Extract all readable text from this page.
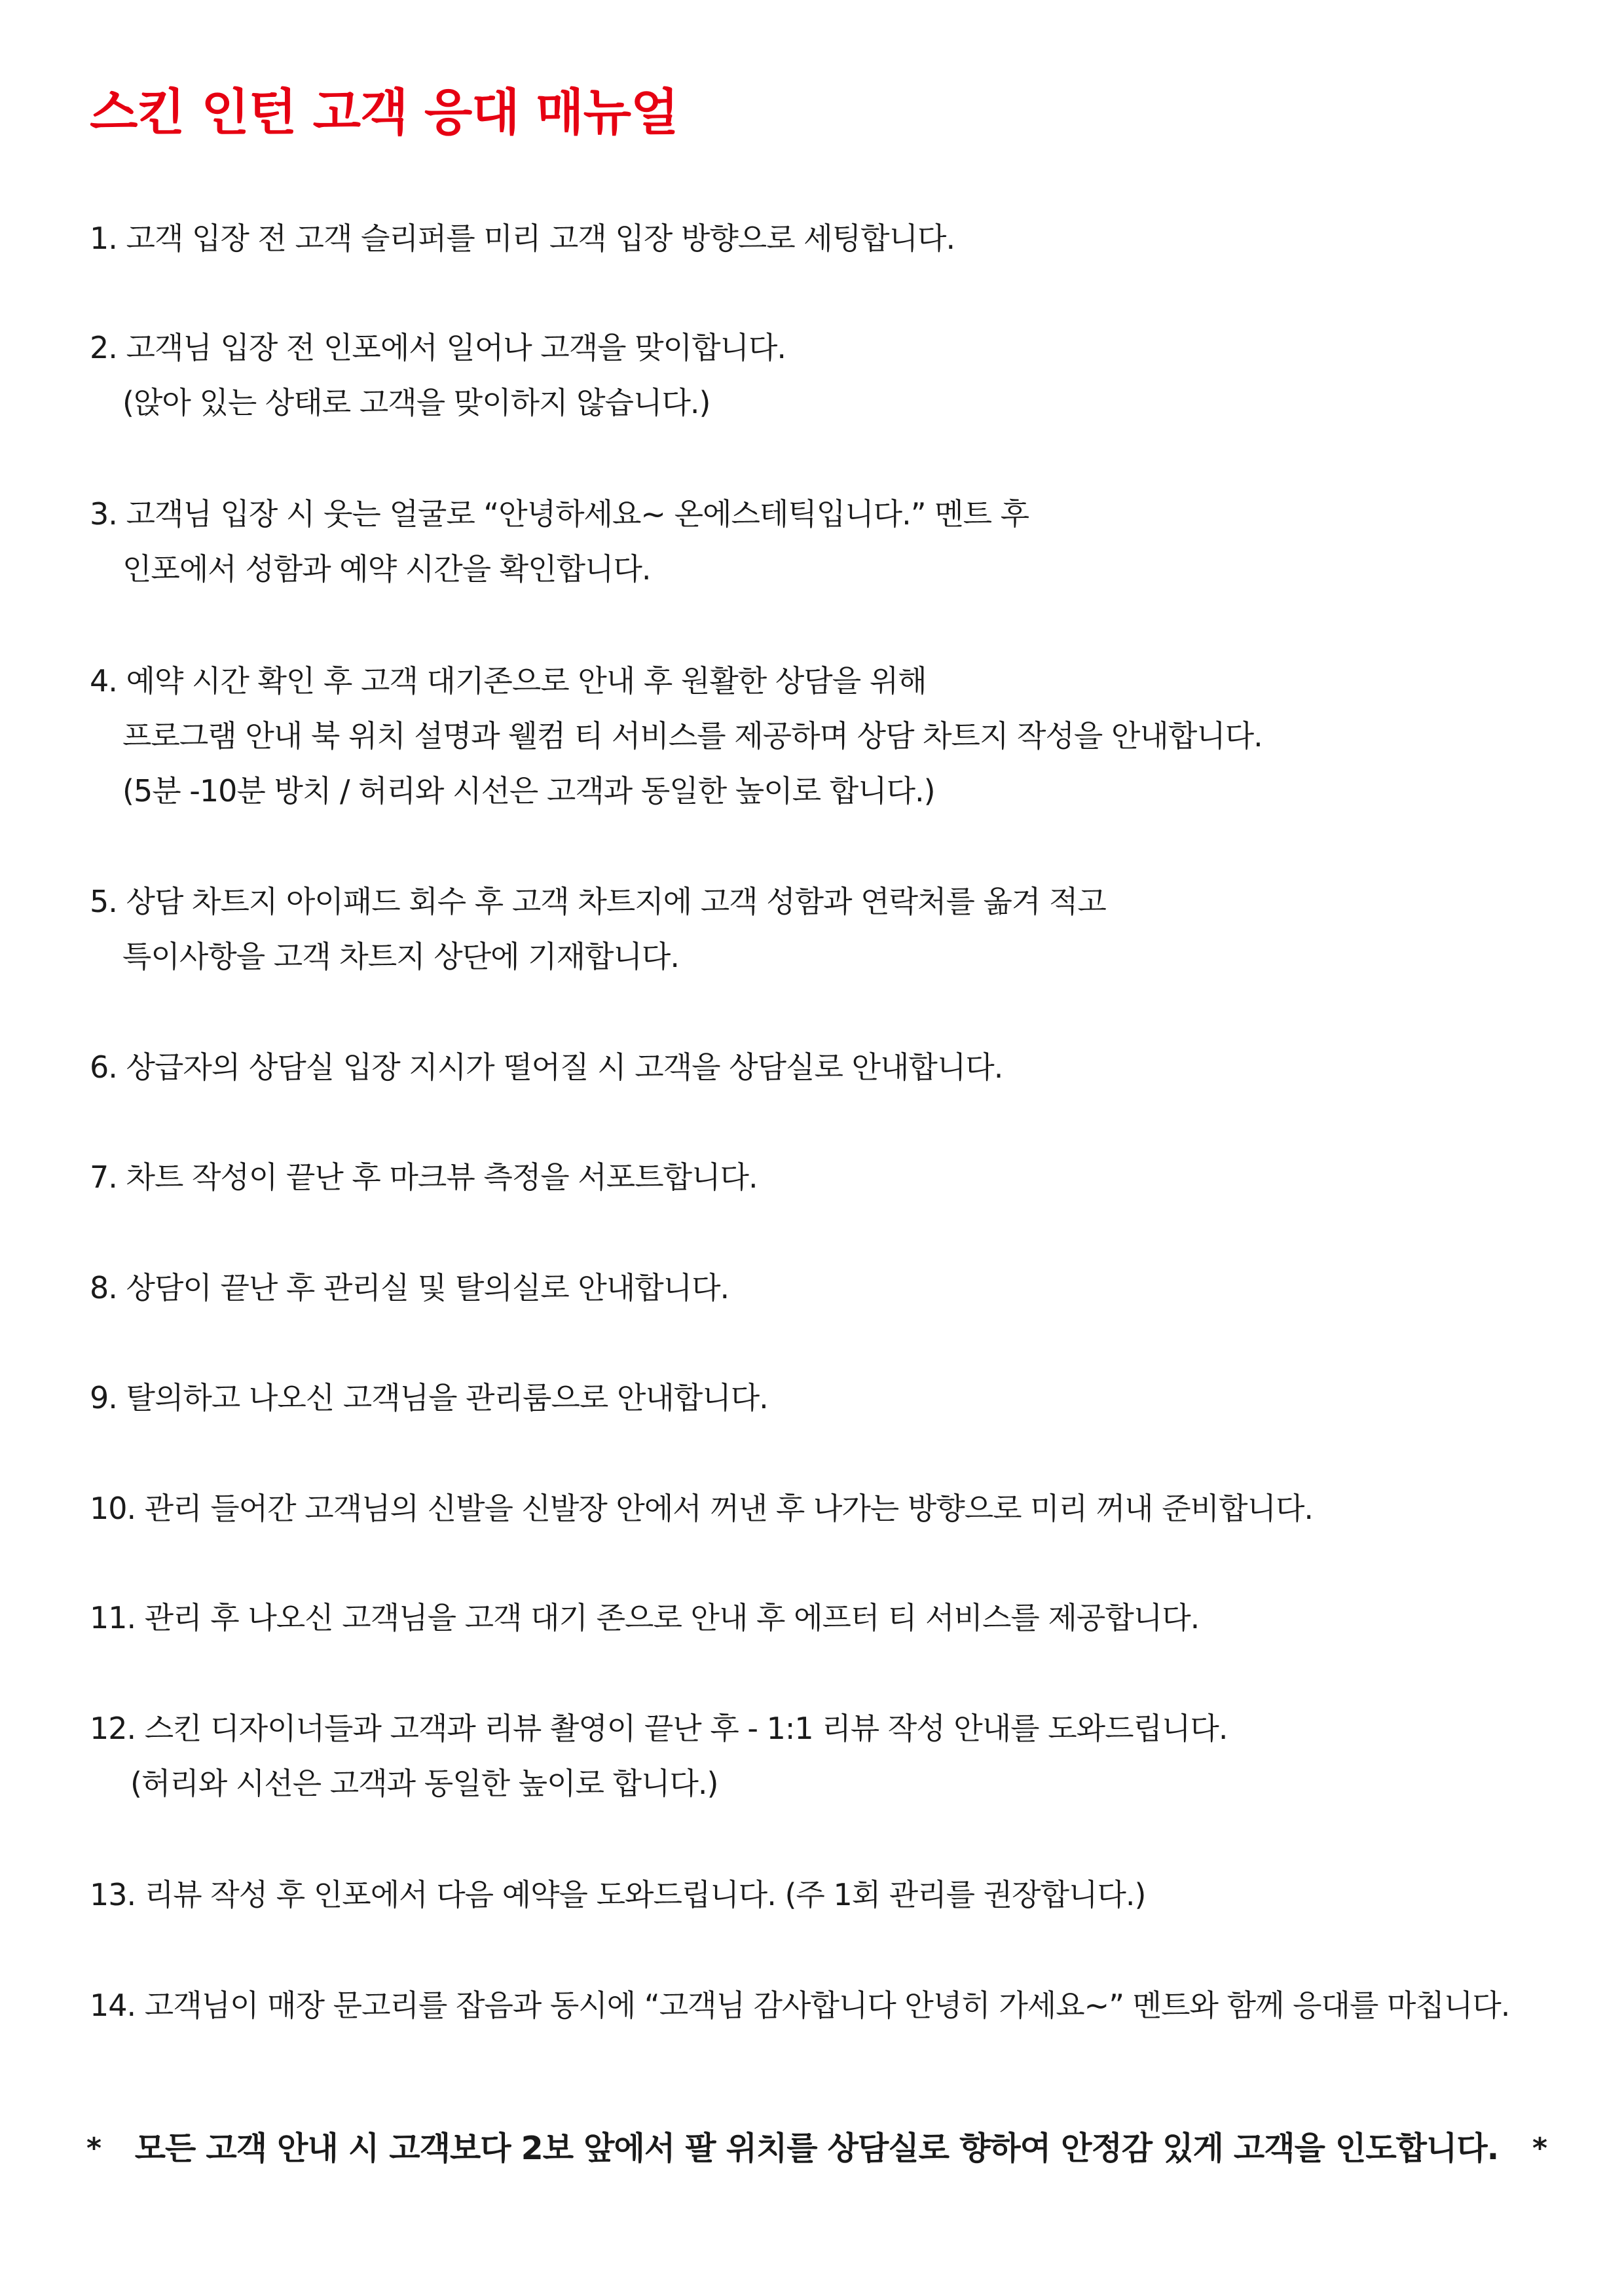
스킨 인턴 고객 응대 매뉴얼
1. 고객 입장 전 고객 슬리퍼를 미리 고객 입장 방향으로 세팅합니다.
2. 고객님 입장 전 인포에서 일어나 고객을 맞이합니다.
(앉아 있는 상태로 고객을 맞이하지 않습니다.)
3. 고객님 입장 시 웃는 얼굴로 “안녕하세요~ 온에스테틱입니다.” 멘트 후
인포에서 성함과 예약 시간을 확인합니다.
4. 예약 시간 확인 후 고객 대기존으로 안내 후 원활한 상담을 위해
프로그램 안내 북 위치 설명과 웰컴 티 서비스를 제공하며 상담 차트지 작성을 안내합니다.
(5분 -10분 방치 / 허리와 시선은 고객과 동일한 높이로 합니다.)
5. 상담 차트지 아이패드 회수 후 고객 차트지에 고객 성함과 연락처를 옮겨 적고
특이사항을 고객 차트지 상단에 기재합니다.
6. 상급자의 상담실 입장 지시가 떨어질 시 고객을 상담실로 안내합니다.
7. 차트 작성이 끝난 후 마크뷰 측정을 서포트합니다.
8. 상담이 끝난 후 관리실 및 탈의실로 안내합니다.
9. 탈의하고 나오신 고객님을 관리룸으로 안내합니다.
10. 관리 들어간 고객님의 신발을 신발장 안에서 꺼낸 후 나가는 방향으로 미리 꺼내 준비합니다.
11. 관리 후 나오신 고객님을 고객 대기 존으로 안내 후 에프터 티 서비스를 제공합니다.
12. 스킨 디자이너들과 고객과 리뷰 촬영이 끝난 후 - 1:1 리뷰 작성 안내를 도와드립니다.
(허리와 시선은 고객과 동일한 높이로 합니다.)
13. 리뷰 작성 후 인포에서 다음 예약을 도와드립니다. (주 1회 관리를 권장합니다.)
14. 고객님이 매장 문고리를 잡음과 동시에 “고객님 감사합니다 안녕히 가세요~” 멘트와 함께 응대를 마칩니다.
* 모든 고객 안내 시 고객보다 2보 앞에서 팔 위치를 상담실로 향하여 안정감 있게 고객을 인도합니다. *
